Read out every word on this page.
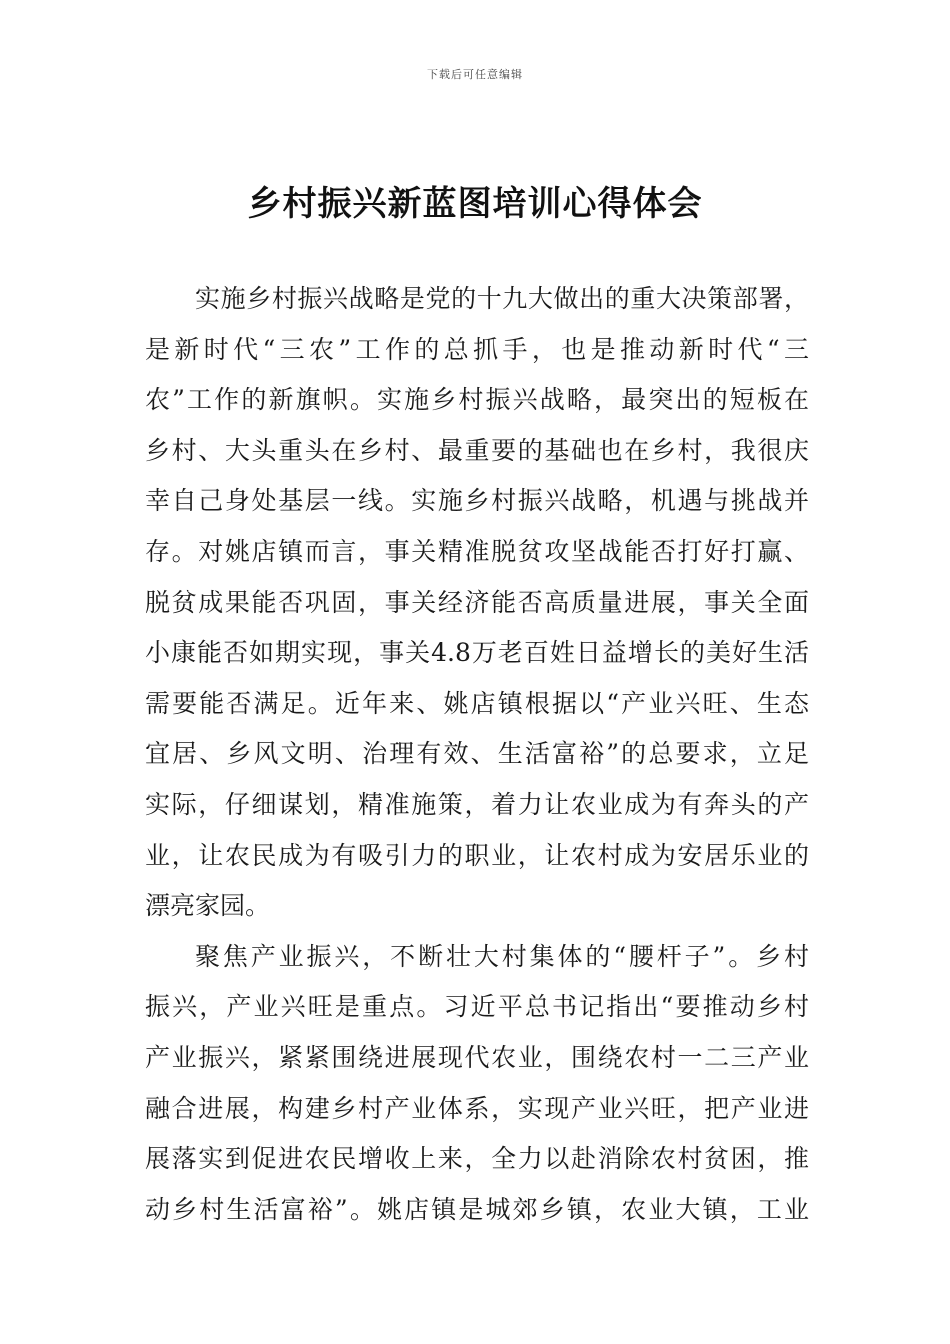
下载后可任意编辑
乡村振兴新蓝图培训心得体会
实施乡村振兴战略是党的十九大做出的重大决策部署，
是新时代“三农”工作的总抓手，也是推动新时代“三
农”工作的新旗帜。实施乡村振兴战略，最突出的短板在
乡村、大头重头在乡村、最重要的基础也在乡村，我很庆
幸自己身处基层一线。实施乡村振兴战略，机遇与挑战并
存。对姚店镇而言，事关精准脱贫攻坚战能否打好打赢、
脱贫成果能否巩固，事关经济能否高质量进展，事关全面
小康能否如期实现，事关4.8万老百姓日益增长的美好生活
需要能否满足。近年来、姚店镇根据以“产业兴旺、生态
宜居、乡风文明、治理有效、生活富裕”的总要求，立足
实际，仔细谋划，精准施策，着力让农业成为有奔头的产
业，让农民成为有吸引力的职业，让农村成为安居乐业的
漂亮家园。
聚焦产业振兴，不断壮大村集体的“腰杆子”。乡村
振兴，产业兴旺是重点。习近平总书记指出“要推动乡村
产业振兴，紧紧围绕进展现代农业，围绕农村一二三产业
融合进展，构建乡村产业体系，实现产业兴旺，把产业进
展落实到促进农民增收上来，全力以赴消除农村贫困，推
动乡村生活富裕”。姚店镇是城郊乡镇，农业大镇，工业
